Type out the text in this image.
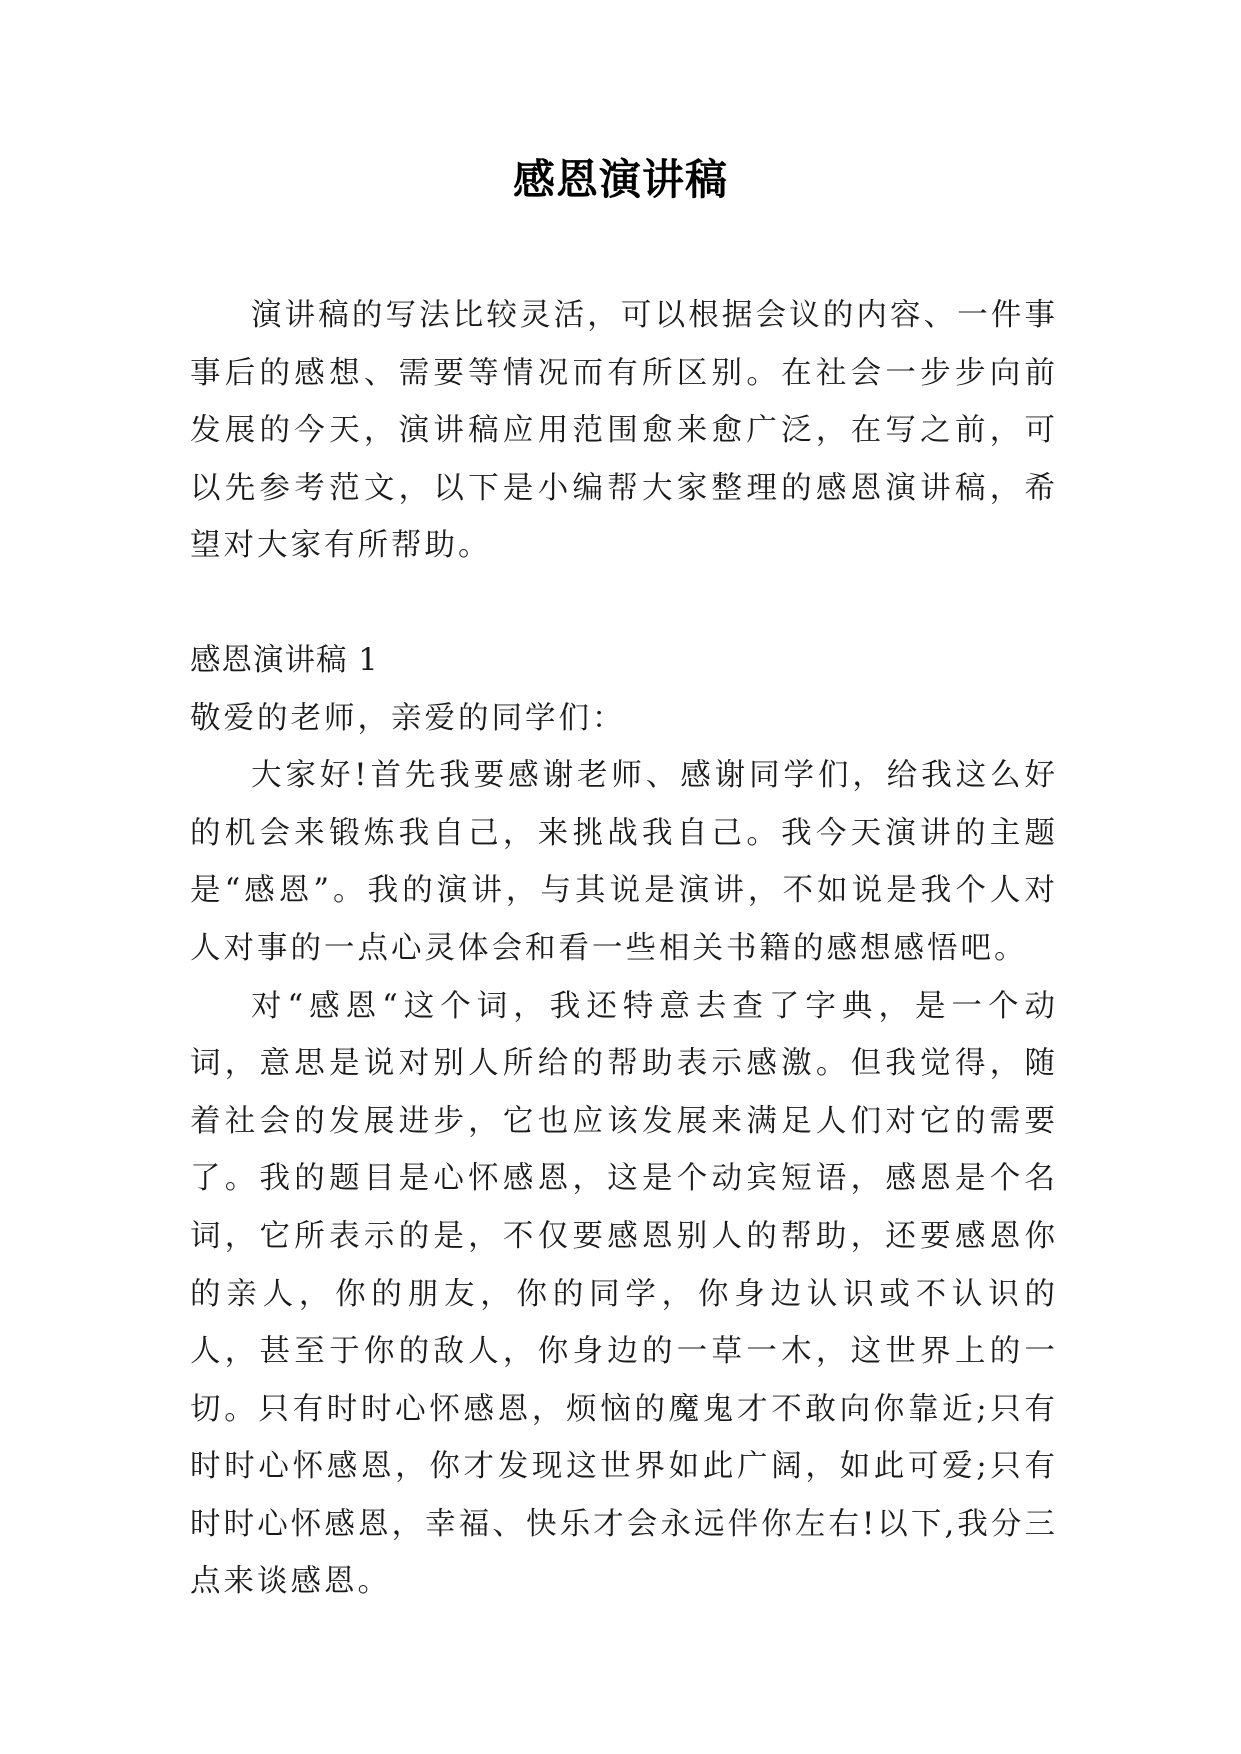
感恩演讲稿

演讲稿的写法比较灵活，可以根据会议的内容、一件事事后的感想、需要等情况而有所区别。在社会一步步向前发展的今天，演讲稿应用范围愈来愈广泛，在写之前，可以先参考范文，以下是小编帮大家整理的感恩演讲稿，希望对大家有所帮助。

感恩演讲稿 1

敬爱的老师，亲爱的同学们：

大家好!首先我要感谢老师、感谢同学们，给我这么好的机会来锻炼我自己，来挑战我自己。我今天演讲的主题是“感恩”。我的演讲，与其说是演讲，不如说是我个人对人对事的一点心灵体会和看一些相关书籍的感想感悟吧。

对“感恩“这个词，我还特意去查了字典，是一个动词，意思是说对别人所给的帮助表示感激。但我觉得，随着社会的发展进步，它也应该发展来满足人们对它的需要了。我的题目是心怀感恩，这是个动宾短语，感恩是个名词，它所表示的是，不仅要感恩别人的帮助，还要感恩你的亲人，你的朋友，你的同学，你身边认识或不认识的人，甚至于你的敌人，你身边的一草一木，这世界上的一切。只有时时心怀感恩，烦恼的魔鬼才不敢向你靠近;只有时时心怀感恩，你才发现这世界如此广阔，如此可爱;只有时时心怀感恩，幸福、快乐才会永远伴你左右!以下,我分三点来谈感恩。
